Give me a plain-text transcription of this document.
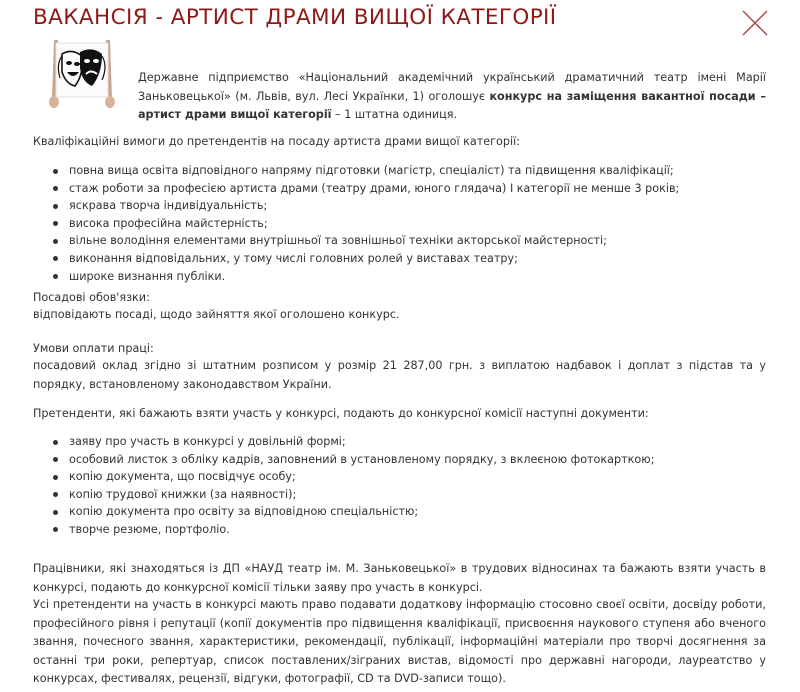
ВАКАНСІЯ - АРТИСТ ДРАМИ ВИЩОЇ КАТЕГОРІЇ

Державне підприємство «Національний академічний український драматичний театр імені Марії Заньковецької» (м. Львів, вул. Лесі Українки, 1) оголошує конкурс на заміщення вакантної посади – артист драми вищої категорії – 1 штатна одиниця.

Кваліфікаційні вимоги до претендентів на посаду артиста драми вищої категорії:

повна вища освіта відповідного напряму підготовки (магістр, спеціаліст) та підвищення кваліфікації;
стаж роботи за професією артиста драми (театру драми, юного глядача) І категорії не менше 3 років;
яскрава творча індивідуальність;
висока професійна майстерність;
вільне володіння елементами внутрішньої та зовнішньої техніки акторської майстерності;
виконання відповідальних, у тому числі головних ролей у виставах театру;
широке визнання публіки.

Посадові обов'язки:

відповідають посаді, щодо зайняття якої оголошено конкурс.

Умови оплати праці:

посадовий оклад згідно зі штатним розписом у розмір 21 287,00 грн. з виплатою надбавок і доплат з підстав та у порядку, встановленому законодавством України.

Претенденти, які бажають взяти участь у конкурсі, подають до конкурсної комісії наступні документи:

заяву про участь в конкурсі у довільній формі;
особовий листок з обліку кадрів, заповнений в установленому порядку, з вклеєною фотокарткою;
копію документа, що посвідчує особу;
копію трудової книжки (за наявності);
копію документа про освіту за відповідною спеціальністю;
творче резюме, портфоліо.

Працівники, які знаходяться із ДП «НАУД театр ім. М. Заньковецької» в трудових відносинах та бажають взяти участь в конкурсі, подають до конкурсної комісії тільки заяву про участь в конкурсі.

Усі претенденти на участь в конкурсі мають право подавати додаткову інформацію стосовно своєї освіти, досвіду роботи, професійного рівня і репутації (копії документів про підвищення кваліфікації, присвоєння наукового ступеня або вченого звання, почесного звання, характеристики, рекомендації, публікації, інформаційні матеріали про творчі досягнення за останні три роки, репертуар, список поставлених/зіграних вистав, відомості про державні нагороди, лауреатство у конкурсах, фестивалях, рецензії, відгуки, фотографії, CD та DVD-записи тощо).
